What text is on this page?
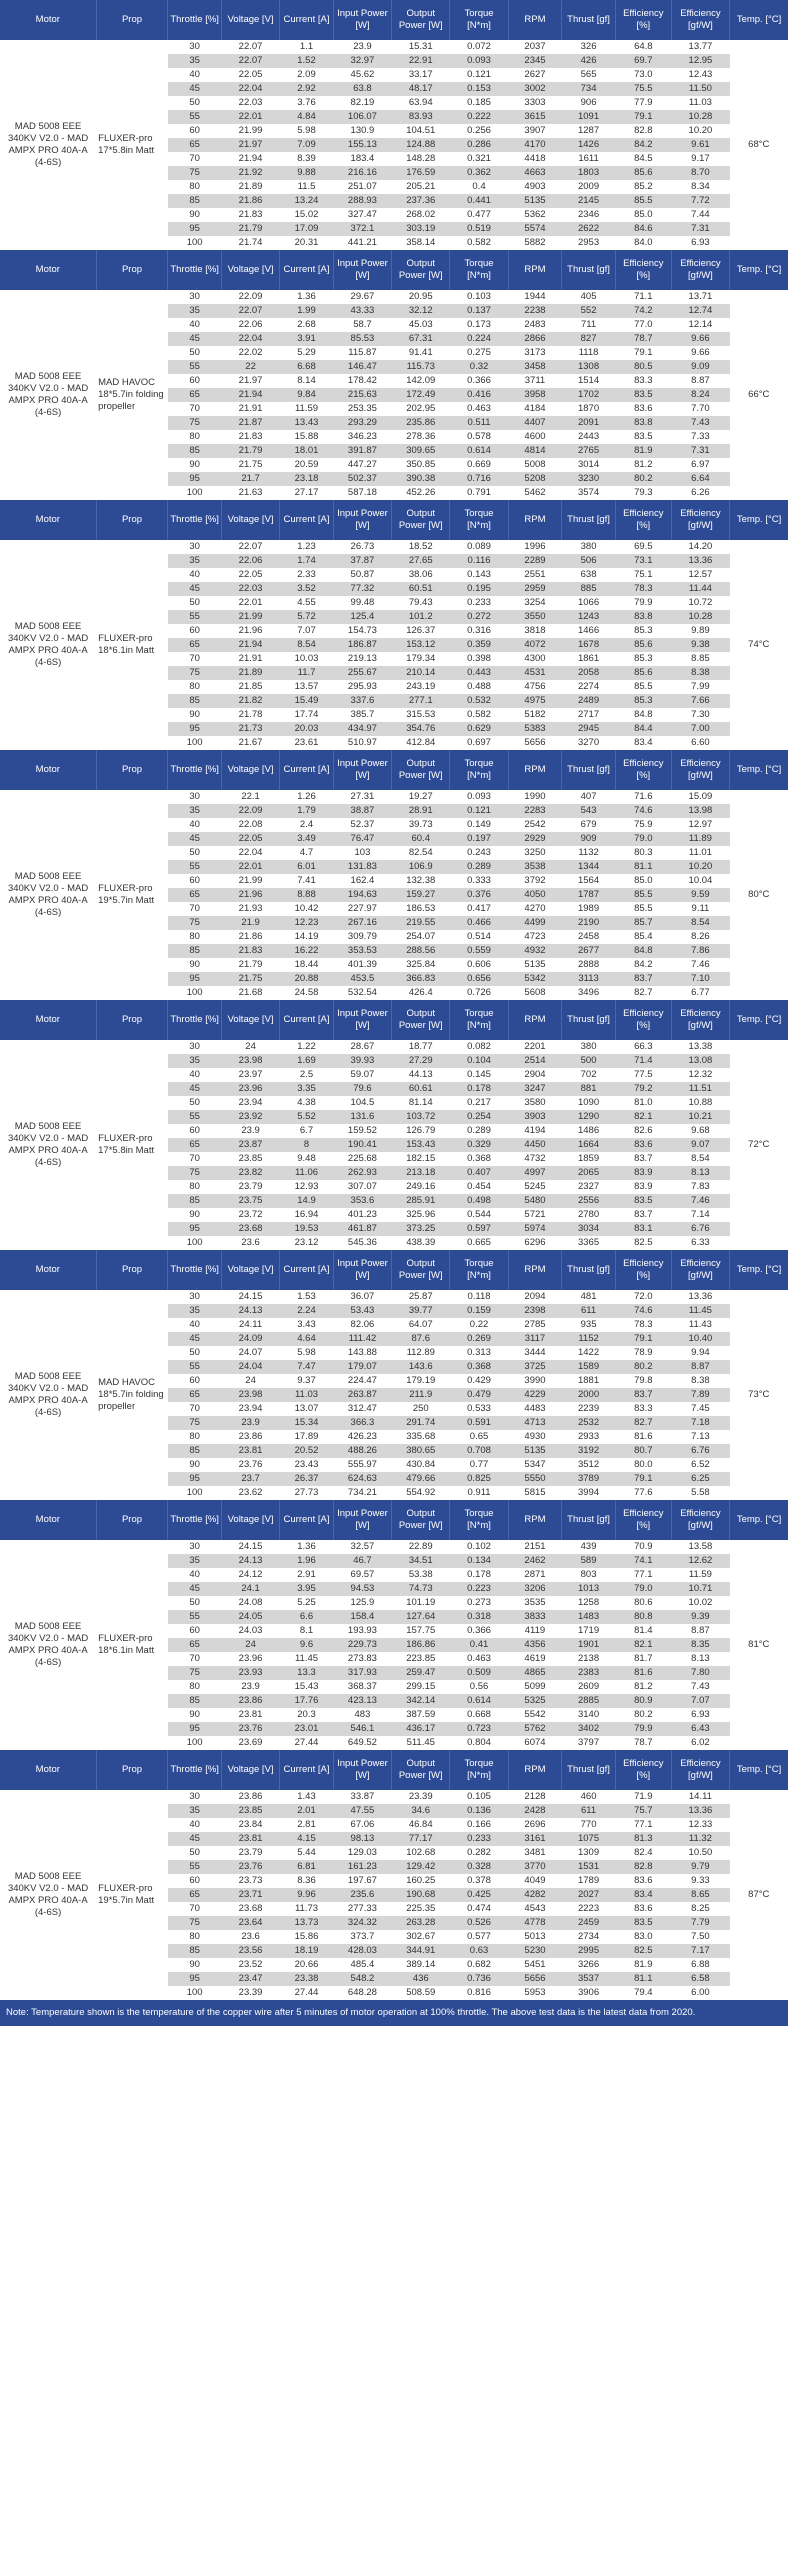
Motor	Prop	Throttle [%]	Voltage [V]	Current [A]	Input Power [W]	Output Power [W]	Torque [N*m]	RPM	Thrust [gf]	Efficiency [%]	Efficiency [gf/W]	Temp. [°C]
MAD 5008 EEE 340KV V2.0 - MAD AMPX PRO 40A-A (4-6S)	FLUXER-pro 17*5.8in Matt	30	22.07	1.1	23.9	15.31	0.072	2037	326	64.8	13.77	68°C
		35	22.07	1.52	32.97	22.91	0.093	2345	426	69.7	12.95	
		40	22.05	2.09	45.62	33.17	0.121	2627	565	73.0	12.43	
		45	22.04	2.92	63.8	48.17	0.153	3002	734	75.5	11.50	
		50	22.03	3.76	82.19	63.94	0.185	3303	906	77.9	11.03	
		55	22.01	4.84	106.07	83.93	0.222	3615	1091	79.1	10.28	
		60	21.99	5.98	130.9	104.51	0.256	3907	1287	82.8	10.20	
		65	21.97	7.09	155.13	124.88	0.286	4170	1426	84.2	9.61	
		70	21.94	8.39	183.4	148.28	0.321	4418	1611	84.5	9.17	
		75	21.92	9.88	216.16	176.59	0.362	4663	1803	85.6	8.70	
		80	21.89	11.5	251.07	205.21	0.4	4903	2009	85.2	8.34	
		85	21.86	13.24	288.93	237.36	0.441	5135	2145	85.5	7.72	
		90	21.83	15.02	327.47	268.02	0.477	5362	2346	85.0	7.44	
		95	21.79	17.09	372.1	303.19	0.519	5574	2622	84.6	7.31	
		100	21.74	20.31	441.21	358.14	0.582	5882	2953	84.0	6.93	
Motor	Prop	Throttle [%]	Voltage [V]	Current [A]	Input Power [W]	Output Power [W]	Torque [N*m]	RPM	Thrust [gf]	Efficiency [%]	Efficiency [gf/W]	Temp. [°C]
MAD 5008 EEE 340KV V2.0 - MAD AMPX PRO 40A-A (4-6S)	MAD HAVOC 18*5.7in folding propeller	30	22.09	1.36	29.67	20.95	0.103	1944	405	71.1	13.71	66°C
		35	22.07	1.99	43.33	32.12	0.137	2238	552	74.2	12.74	
		40	22.06	2.68	58.7	45.03	0.173	2483	711	77.0	12.14	
		45	22.04	3.91	85.53	67.31	0.224	2866	827	78.7	9.66	
		50	22.02	5.29	115.87	91.41	0.275	3173	1118	79.1	9.66	
		55	22	6.68	146.47	115.73	0.32	3458	1308	80.5	9.09	
		60	21.97	8.14	178.42	142.09	0.366	3711	1514	83.3	8.87	
		65	21.94	9.84	215.63	172.49	0.416	3958	1702	83.5	8.24	
		70	21.91	11.59	253.35	202.95	0.463	4184	1870	83.6	7.70	
		75	21.87	13.43	293.29	235.86	0.511	4407	2091	83.8	7.43	
		80	21.83	15.88	346.23	278.36	0.578	4600	2443	83.5	7.33	
		85	21.79	18.01	391.87	309.65	0.614	4814	2765	81.9	7.31	
		90	21.75	20.59	447.27	350.85	0.669	5008	3014	81.2	6.97	
		95	21.7	23.18	502.37	390.38	0.716	5208	3230	80.2	6.64	
		100	21.63	27.17	587.18	452.26	0.791	5462	3574	79.3	6.26	
Motor	Prop	Throttle [%]	Voltage [V]	Current [A]	Input Power [W]	Output Power [W]	Torque [N*m]	RPM	Thrust [gf]	Efficiency [%]	Efficiency [gf/W]	Temp. [°C]
MAD 5008 EEE 340KV V2.0 - MAD AMPX PRO 40A-A (4-6S)	FLUXER-pro 18*6.1in Matt	30	22.07	1.23	26.73	18.52	0.089	1996	380	69.5	14.20	74°C
		35	22.06	1.74	37.87	27.65	0.116	2289	506	73.1	13.36	
		40	22.05	2.33	50.87	38.06	0.143	2551	638	75.1	12.57	
		45	22.03	3.52	77.32	60.51	0.195	2959	885	78.3	11.44	
		50	22.01	4.55	99.48	79.43	0.233	3254	1066	79.9	10.72	
		55	21.99	5.72	125.4	101.2	0.272	3550	1243	83.8	10.28	
		60	21.96	7.07	154.73	126.37	0.316	3818	1466	85.3	9.89	
		65	21.94	8.54	186.87	153.12	0.359	4072	1678	85.6	9.38	
		70	21.91	10.03	219.13	179.34	0.398	4300	1861	85.3	8.85	
		75	21.89	11.7	255.67	210.14	0.443	4531	2058	85.6	8.38	
		80	21.85	13.57	295.93	243.19	0.488	4756	2274	85.5	7.99	
		85	21.82	15.49	337.6	277.1	0.532	4975	2489	85.3	7.66	
		90	21.78	17.74	385.7	315.53	0.582	5182	2717	84.8	7.30	
		95	21.73	20.03	434.97	354.76	0.629	5383	2945	84.4	7.00	
		100	21.67	23.61	510.97	412.84	0.697	5656	3270	83.4	6.60	
Motor	Prop	Throttle [%]	Voltage [V]	Current [A]	Input Power [W]	Output Power [W]	Torque [N*m]	RPM	Thrust [gf]	Efficiency [%]	Efficiency [gf/W]	Temp. [°C]
MAD 5008 EEE 340KV V2.0 - MAD AMPX PRO 40A-A (4-6S)	FLUXER-pro 19*5.7in Matt	30	22.1	1.26	27.31	19.27	0.093	1990	407	71.6	15.09	80°C
		35	22.09	1.79	38.87	28.91	0.121	2283	543	74.6	13.98	
		40	22.08	2.4	52.37	39.73	0.149	2542	679	75.9	12.97	
		45	22.05	3.49	76.47	60.4	0.197	2929	909	79.0	11.89	
		50	22.04	4.7	103	82.54	0.243	3250	1132	80.3	11.01	
		55	22.01	6.01	131.83	106.9	0.289	3538	1344	81.1	10.20	
		60	21.99	7.41	162.4	132.38	0.333	3792	1564	85.0	10.04	
		65	21.96	8.88	194.63	159.27	0.376	4050	1787	85.5	9.59	
		70	21.93	10.42	227.97	186.53	0.417	4270	1989	85.5	9.11	
		75	21.9	12.23	267.16	219.55	0.466	4499	2190	85.7	8.54	
		80	21.86	14.19	309.79	254.07	0.514	4723	2458	85.4	8.26	
		85	21.83	16.22	353.53	288.56	0.559	4932	2677	84.8	7.86	
		90	21.79	18.44	401.39	325.84	0.606	5135	2888	84.2	7.46	
		95	21.75	20.88	453.5	366.83	0.656	5342	3113	83.7	7.10	
		100	21.68	24.58	532.54	426.4	0.726	5608	3496	82.7	6.77	
Motor	Prop	Throttle [%]	Voltage [V]	Current [A]	Input Power [W]	Output Power [W]	Torque [N*m]	RPM	Thrust [gf]	Efficiency [%]	Efficiency [gf/W]	Temp. [°C]
MAD 5008 EEE 340KV V2.0 - MAD AMPX PRO 40A-A (4-6S)	FLUXER-pro 17*5.8in Matt	30	24	1.22	28.67	18.77	0.082	2201	380	66.3	13.38	72°C
		35	23.98	1.69	39.93	27.29	0.104	2514	500	71.4	13.08	
		40	23.97	2.5	59.07	44.13	0.145	2904	702	77.5	12.32	
		45	23.96	3.35	79.6	60.61	0.178	3247	881	79.2	11.51	
		50	23.94	4.38	104.5	81.14	0.217	3580	1090	81.0	10.88	
		55	23.92	5.52	131.6	103.72	0.254	3903	1290	82.1	10.21	
		60	23.9	6.7	159.52	126.79	0.289	4194	1486	82.6	9.68	
		65	23.87	8	190.41	153.43	0.329	4450	1664	83.6	9.07	
		70	23.85	9.48	225.68	182.15	0.368	4732	1859	83.7	8.54	
		75	23.82	11.06	262.93	213.18	0.407	4997	2065	83.9	8.13	
		80	23.79	12.93	307.07	249.16	0.454	5245	2327	83.9	7.83	
		85	23.75	14.9	353.6	285.91	0.498	5480	2556	83.5	7.46	
		90	23.72	16.94	401.23	325.96	0.544	5721	2780	83.7	7.14	
		95	23.68	19.53	461.87	373.25	0.597	5974	3034	83.1	6.76	
		100	23.6	23.12	545.36	438.39	0.665	6296	3365	82.5	6.33	
Motor	Prop	Throttle [%]	Voltage [V]	Current [A]	Input Power [W]	Output Power [W]	Torque [N*m]	RPM	Thrust [gf]	Efficiency [%]	Efficiency [gf/W]	Temp. [°C]
MAD 5008 EEE 340KV V2.0 - MAD AMPX PRO 40A-A (4-6S)	MAD HAVOC 18*5.7in folding propeller	30	24.15	1.53	36.07	25.87	0.118	2094	481	72.0	13.36	73°C
		35	24.13	2.24	53.43	39.77	0.159	2398	611	74.6	11.45	
		40	24.11	3.43	82.06	64.07	0.22	2785	935	78.3	11.43	
		45	24.09	4.64	111.42	87.6	0.269	3117	1152	79.1	10.40	
		50	24.07	5.98	143.88	112.89	0.313	3444	1422	78.9	9.94	
		55	24.04	7.47	179.07	143.6	0.368	3725	1589	80.2	8.87	
		60	24	9.37	224.47	179.19	0.429	3990	1881	79.8	8.38	
		65	23.98	11.03	263.87	211.9	0.479	4229	2000	83.7	7.89	
		70	23.94	13.07	312.47	250	0.533	4483	2239	83.3	7.45	
		75	23.9	15.34	366.3	291.74	0.591	4713	2532	82.7	7.18	
		80	23.86	17.89	426.23	335.68	0.65	4930	2933	81.6	7.13	
		85	23.81	20.52	488.26	380.65	0.708	5135	3192	80.7	6.76	
		90	23.76	23.43	555.97	430.84	0.77	5347	3512	80.0	6.52	
		95	23.7	26.37	624.63	479.66	0.825	5550	3789	79.1	6.25	
		100	23.62	27.73	734.21	554.92	0.911	5815	3994	77.6	5.58	
Motor	Prop	Throttle [%]	Voltage [V]	Current [A]	Input Power [W]	Output Power [W]	Torque [N*m]	RPM	Thrust [gf]	Efficiency [%]	Efficiency [gf/W]	Temp. [°C]
MAD 5008 EEE 340KV V2.0 - MAD AMPX PRO 40A-A (4-6S)	FLUXER-pro 18*6.1in Matt	30	24.15	1.36	32.57	22.89	0.102	2151	439	70.9	13.58	81°C
		35	24.13	1.96	46.7	34.51	0.134	2462	589	74.1	12.62	
		40	24.12	2.91	69.57	53.38	0.178	2871	803	77.1	11.59	
		45	24.1	3.95	94.53	74.73	0.223	3206	1013	79.0	10.71	
		50	24.08	5.25	125.9	101.19	0.273	3535	1258	80.6	10.02	
		55	24.05	6.6	158.4	127.64	0.318	3833	1483	80.8	9.39	
		60	24.03	8.1	193.93	157.75	0.366	4119	1719	81.4	8.87	
		65	24	9.6	229.73	186.86	0.41	4356	1901	82.1	8.35	
		70	23.96	11.45	273.83	223.85	0.463	4619	2138	81.7	8.13	
		75	23.93	13.3	317.93	259.47	0.509	4865	2383	81.6	7.80	
		80	23.9	15.43	368.37	299.15	0.56	5099	2609	81.2	7.43	
		85	23.86	17.76	423.13	342.14	0.614	5325	2885	80.9	7.07	
		90	23.81	20.3	483	387.59	0.668	5542	3140	80.2	6.93	
		95	23.76	23.01	546.1	436.17	0.723	5762	3402	79.9	6.43	
		100	23.69	27.44	649.52	511.45	0.804	6074	3797	78.7	6.02	
Motor	Prop	Throttle [%]	Voltage [V]	Current [A]	Input Power [W]	Output Power [W]	Torque [N*m]	RPM	Thrust [gf]	Efficiency [%]	Efficiency [gf/W]	Temp. [°C]
MAD 5008 EEE 340KV V2.0 - MAD AMPX PRO 40A-A (4-6S)	FLUXER-pro 19*5.7in Matt	30	23.86	1.43	33.87	23.39	0.105	2128	460	71.9	14.11	87°C
		35	23.85	2.01	47.55	34.6	0.136	2428	611	75.7	13.36	
		40	23.84	2.81	67.06	46.84	0.166	2696	770	77.1	12.33	
		45	23.81	4.15	98.13	77.17	0.233	3161	1075	81.3	11.32	
		50	23.79	5.44	129.03	102.68	0.282	3481	1309	82.4	10.50	
		55	23.76	6.81	161.23	129.42	0.328	3770	1531	82.8	9.79	
		60	23.73	8.36	197.67	160.25	0.378	4049	1789	83.6	9.33	
		65	23.71	9.96	235.6	190.68	0.425	4282	2027	83.4	8.65	
		70	23.68	11.73	277.33	225.35	0.474	4543	2223	83.6	8.25	
		75	23.64	13.73	324.32	263.28	0.526	4778	2459	83.5	7.79	
		80	23.6	15.86	373.7	302.67	0.577	5013	2734	83.0	7.50	
		85	23.56	18.19	428.03	344.91	0.63	5230	2995	82.5	7.17	
		90	23.52	20.66	485.4	389.14	0.682	5451	3266	81.9	6.88	
		95	23.47	23.38	548.2	436	0.736	5656	3537	81.1	6.58	
		100	23.39	27.44	648.28	508.59	0.816	5953	3906	79.4	6.00	
Note: Temperature shown is the temperature of the copper wire after 5 minutes of motor operation at 100% throttle. The above test data is the latest data from 2020.
